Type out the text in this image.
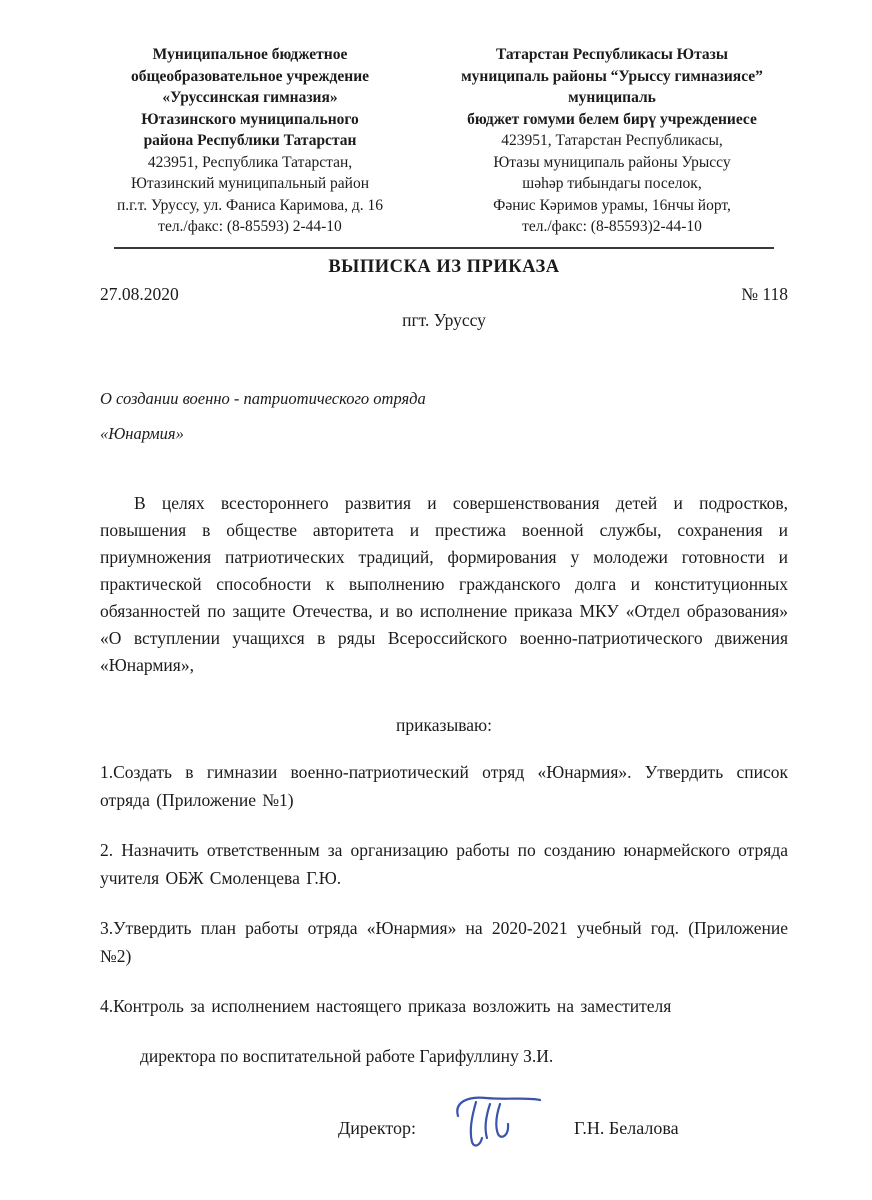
Муниципальное бюджетное
общеобразовательное учреждение
«Уруссинская гимназия»
Ютазинского муниципального
района Республики Татарстан
423951, Республика Татарстан,
Ютазинский муниципальный район
п.г.т. Уруссу, ул. Фаниса Каримова, д. 16
тел./факс: (8-85593) 2-44-10
Татарстан Республикасы Ютазы
муниципаль районы “Урыссу гимназиясе”
муниципаль
бюджет гомуми белем бирү учреждениесе
423951, Татарстан Республикасы,
Ютазы муниципаль районы Урыссу
шәһәр тибындагы поселок,
Фәнис Кәримов урамы, 16нчы йорт,
тел./факс: (8-85593)2-44-10
ВЫПИСКА ИЗ ПРИКАЗА
27.08.2020	№ 118
пгт. Уруссу
О создании военно - патриотического отряда
«Юнармия»

В целях всестороннего развития и совершенствования детей и подростков, повышения в обществе авторитета и престижа военной службы, сохранения и приумножения патриотических традиций, формирования у молодежи готовности и практической способности к выполнению гражданского долга и конституционных обязанностей по защите Отечества, и во исполнение приказа МКУ «Отдел образования» «О вступлении учащихся в ряды Всероссийского военно-патриотического движения «Юнармия»,

приказываю:

1.Создать в гимназии военно-патриотический отряд «Юнармия». Утвердить список отряда (Приложение №1)

2. Назначить ответственным за организацию работы по созданию юнармейского отряда учителя ОБЖ Смоленцева Г.Ю.

3.Утвердить план работы отряда «Юнармия» на 2020-2021 учебный год. (Приложение №2)

4.Контроль за исполнением настоящего приказа возложить на заместителя

директора по воспитательной работе Гарифуллину З.И.

Директор:	Г.Н. Белалова
